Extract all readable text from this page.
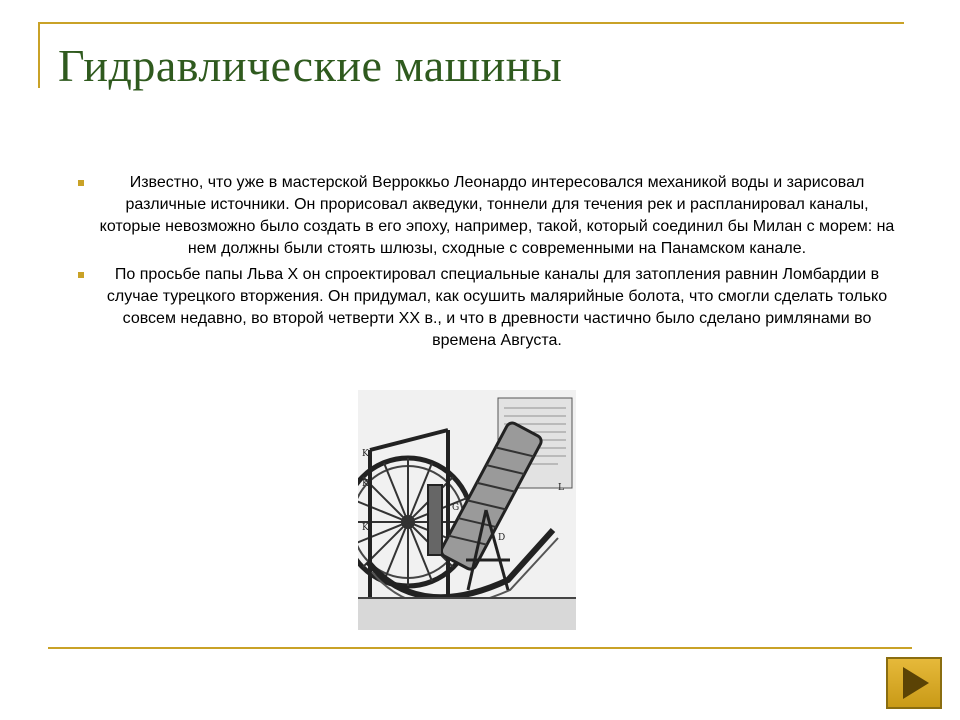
Гидравлические машины
Известно, что уже в мастерской Верроккьо Леонардо интересовался механикой воды и зарисовал различные источники. Он прорисовал акведуки, тоннели для течения рек и распланировал каналы, которые невозможно было создать в его эпоху, например, такой, который соединил бы Милан с морем: на нем должны были стоять шлюзы, сходные с современными на Панамском канале.
По просьбе папы Льва X он спроектировал специальные каналы для затопления равнин Ломбардии в случае турецкого вторжения. Он придумал, как осушить малярийные болота, что смогли сделать только совсем недавно, во второй четверти XX в., и что в древности частично было сделано римлянами во времена Августа.
K
K
G
K
D
L
